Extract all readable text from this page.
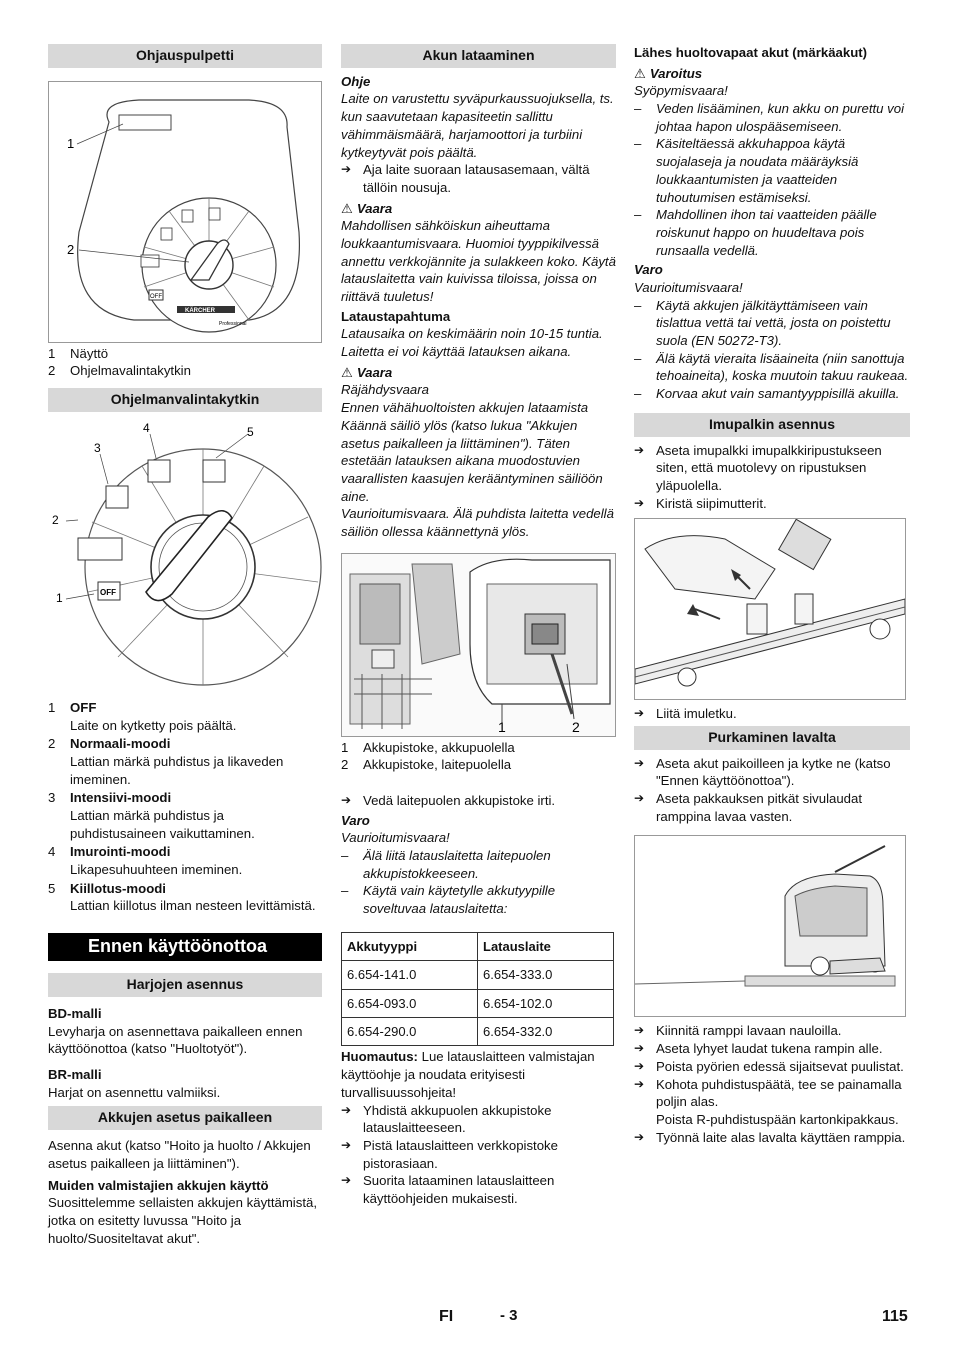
Ohjauspulpetti
OFF
KÄRCHER
Professional
1
2
1	Näyttö
2	Ohjelmavalintakytkin
Ohjelmanvalintakytkin
OFF
1
2
3
4	5
1	OFF
Laite on kytketty pois päältä.
2	Normaali-moodi
Lattian märkä puhdistus ja likaveden imeminen.
3	Intensiivi-moodi
Lattian märkä puhdistus ja puhdistusaineen vaikuttaminen.
4	Imurointi-moodi
Likapesuhuuhteen imeminen.
5	Kiillotus-moodi
Lattian kiillotus ilman nesteen levittämistä.
Ennen käyttöönottoa
Harjojen asennus

BD-malli

Levyharja on asennettava paikalleen ennen käyttöönottoa (katso "Huoltotyöt").

BR-malli

Harjat on asennettu valmiiksi.

Akkujen asetus paikalleen

Asenna akut (katso "Hoito ja huolto / Akkujen asetus paikalleen ja liittäminen").

Muiden valmistajien akkujen käyttö

Suosittelemme sellaisten akkujen käyttämistä, jotka on esitetty luvussa "Hoito ja huolto/Suositeltavat akut".

Akun lataaminen

Ohje

Laite on varustettu syväpurkaussuojuksella, ts. kun saavutetaan kapasiteetin sallittu vähimmäismäärä, harjamoottori ja turbiini kytkeytyvät pois päältä.

➔ Aja laite suoraan latausasemaan, vältä tällöin nousuja.

⚠ Vaara

Mahdollisen sähköiskun aiheuttama loukkaantumisvaara. Huomioi tyyppikilvessä annettu verkkojännite ja sulakkeen koko. Käytä latauslaitetta vain kuivissa tiloissa, joissa on riittävä tuuletus!

Lataustapahtuma

Latausaika on keskimäärin noin 10-15 tuntia.

Laitetta ei voi käyttää latauksen aikana.

⚠ Vaara

Räjähdysvaara
Ennen vähähuoltoisten akkujen lataamista Käännä säiliö ylös (katso lukua "Akkujen asetus paikalleen ja liittäminen"). Täten estetään latauksen aikana muodostuvien vaarallisten kaasujen kerääntyminen säiliöön aine.
Vaurioitumisvaara. Älä puhdista laitetta vedellä säiliön ollessa käännettynä ylös.

1	2
1	Akkupistoke, akkupuolella
2	Akkupistoke, laitepuolella
➔ Vedä laitepuolen akkupistoke irti.

Varo

Vaurioitumisvaara!

–	Älä liitä latauslaitetta laitepuolen akkupistokkeeseen.
–	Käytä vain käytetylle akkutyypille soveltuvaa latauslaitetta:
Akkutyyppi	Latauslaite
6.654-141.0	6.654-333.0
6.654-093.0	6.654-102.0
6.654-290.0	6.654-332.0

Huomautus: Lue latauslaitteen valmistajan käyttöohje ja noudata erityisesti turvallisuussohjeita!

➔ Yhdistä akkupuolen akkupistoke latauslaitteeseen.
➔ Pistä latauslaitteen verkkopistoke pistorasiaan.
➔ Suorita lataaminen latauslaitteen käyttöohjeiden mukaisesti.

Lähes huoltovapaat akut (märkäakut)

⚠ Varoitus

Syöpymisvaara!

–	Veden lisääminen, kun akku on purettu voi johtaa hapon ulospääsemiseen.
–	Käsiteltäessä akkuhappoa käytä suojalaseja ja noudata määräyksiä loukkaantumisten ja vaatteiden tuhoutumisen estämiseksi.
–	Mahdollinen ihon tai vaatteiden päälle roiskunut happo on huudeltava pois runsaalla vedellä.

Varo

Vaurioitumisvaara!

–	Käytä akkujen jälkitäyttämiseen vain tislattua vettä tai vettä, josta on poistettu suola (EN 50272-T3).
–	Älä käytä vieraita lisäaineita (niin sanottuja tehoaineita), koska muutoin takuu raukeaa.
–	Korvaa akut vain samantyyppisillä akuilla.
Imupalkin asennus
➔ Aseta imupalkki imupalkkiripustukseen siten, että muotolevy on ripustuksen yläpuolella.
➔ Kiristä siipimutterit.
➔ Liitä imuletku.
Purkaminen lavalta
➔ Aseta akut paikoilleen ja kytke ne (katso "Ennen käyttöönottoa").
➔ Aseta pakkauksen pitkät sivulaudat ramppina lavaa vasten.
➔ Kiinnitä ramppi lavaan nauloilla.
➔ Aseta lyhyet laudat tukena rampin alle.
➔ Poista pyörien edessä sijaitsevat puulistat.
➔ Kohota puhdistuspäätä, tee se painamalla poljin alas.
Poista R-puhdistuspään kartonkipakkaus.
➔ Työnnä laite alas lavalta käyttäen ramppia.
FI	- 3	115
